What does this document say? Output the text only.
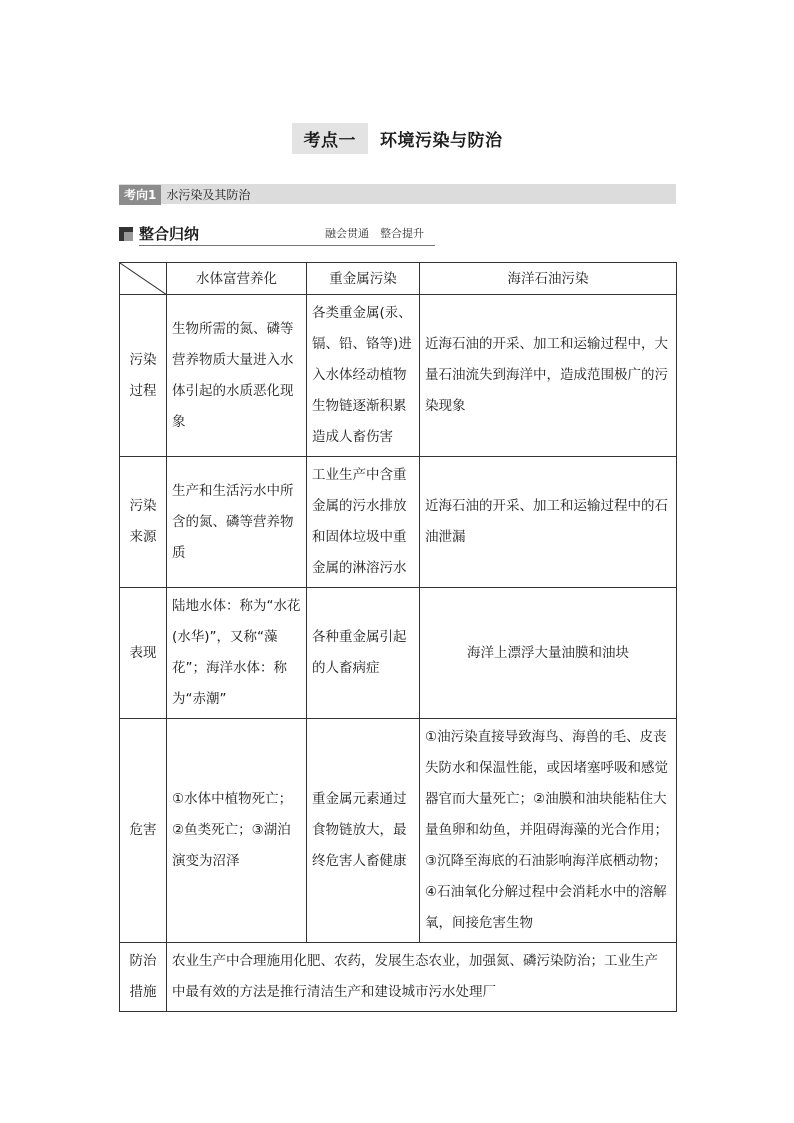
考点一 环境污染与防治
考向1 水污染及其防治
整合归纳	融会贯通　整合提升
	水体富营养化	重金属污染	海洋石油污染
污染过程	生物所需的氮、磷等营养物质大量进入水体引起的水质恶化现象	各类重金属(汞、镉、铅、铬等)进入水体经动植物生物链逐渐积累造成人畜伤害	近海石油的开采、加工和运输过程中，大量石油流失到海洋中，造成范围极广的污染现象
污染来源	生产和生活污水中所含的氮、磷等营养物质	工业生产中含重金属的污水排放和固体垃圾中重金属的淋溶污水	近海石油的开采、加工和运输过程中的石油泄漏
表现	陆地水体：称为“水花(水华)”，又称“藻花”；海洋水体：称为“赤潮”	各种重金属引起的人畜病症	海洋上漂浮大量油膜和油块
危害	①水体中植物死亡；②鱼类死亡；③湖泊演变为沼泽	重金属元素通过食物链放大，最终危害人畜健康	①油污染直接导致海鸟、海兽的毛、皮丧失防水和保温性能，或因堵塞呼吸和感觉器官而大量死亡；②油膜和油块能粘住大量鱼卵和幼鱼，并阻碍海藻的光合作用；③沉降至海底的石油影响海洋底栖动物；④石油氧化分解过程中会消耗水中的溶解氧，间接危害生物
防治措施	农业生产中合理施用化肥、农药，发展生态农业，加强氮、磷污染防治；工业生产中最有效的方法是推行清洁生产和建设城市污水处理厂		
